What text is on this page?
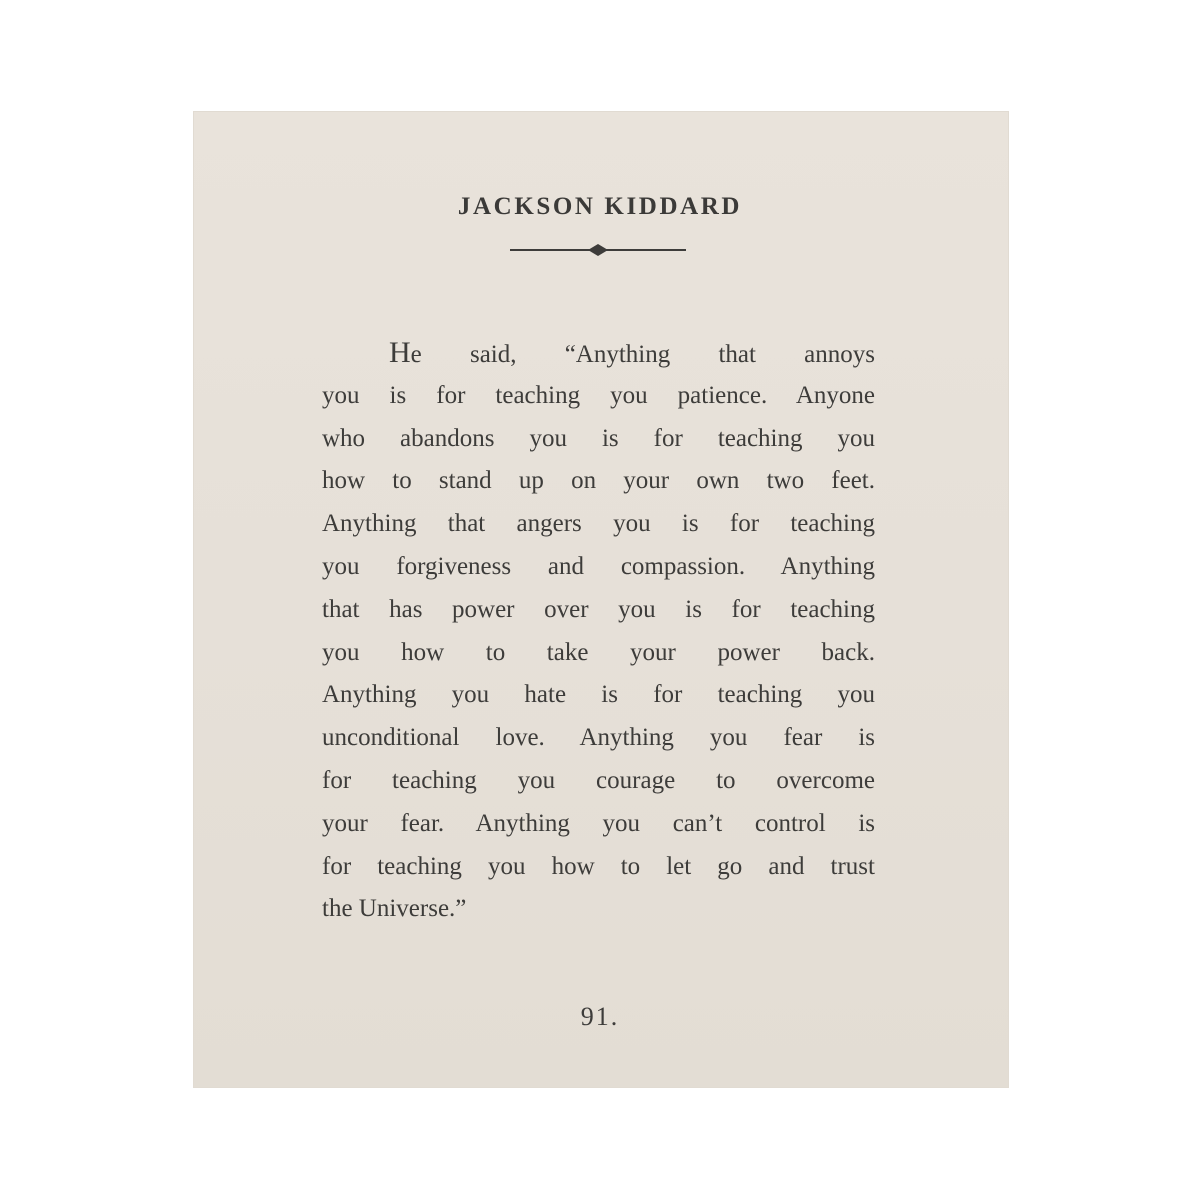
JACKSON KIDDARD

He said, “Anything that annoys
you is for teaching you patience. Anyone
who abandons you is for teaching you
how to stand up on your own two feet.
Anything that angers you is for teaching
you forgiveness and compassion. Anything
that has power over you is for teaching
you how to take your power back.
Anything you hate is for teaching you
unconditional love. Anything you fear is
for teaching you courage to overcome
your fear. Anything you can’t control is
for teaching you how to let go and trust
the Universe.”

91.
